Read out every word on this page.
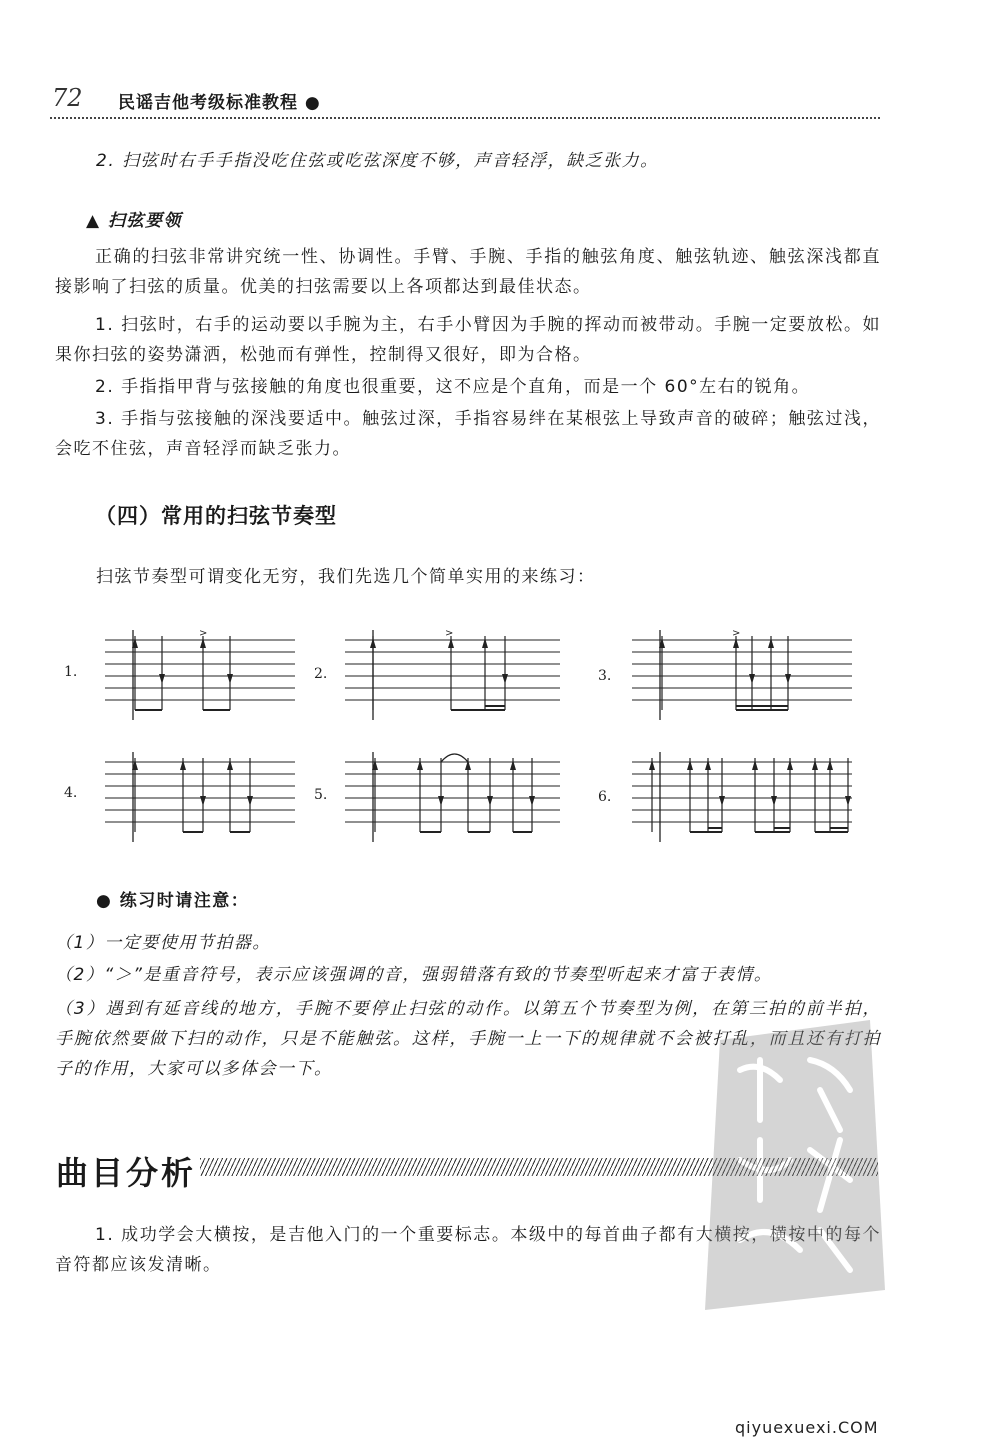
72 民谣吉他考级标准教程 ●
2. 扫弦时右手手指没吃住弦或吃弦深度不够，声音轻浮，缺乏张力。
▲ 扫弦要领
正确的扫弦非常讲究统一性、协调性。手臂、手腕、手指的触弦角度、触弦轨迹、触弦深浅都直接影响了扫弦的质量。优美的扫弦需要以上各项都达到最佳状态。
1. 扫弦时，右手的运动要以手腕为主，右手小臂因为手腕的挥动而被带动。手腕一定要放松。如果你扫弦的姿势潇洒，松弛而有弹性，控制得又很好，即为合格。
2. 手指指甲背与弦接触的角度也很重要，这不应是个直角，而是一个 60°左右的锐角。
3. 手指与弦接触的深浅要适中。触弦过深，手指容易绊在某根弦上导致声音的破碎；触弦过浅，会吃不住弦，声音轻浮而缺乏张力。
（四）常用的扫弦节奏型
扫弦节奏型可谓变化无穷，我们先选几个简单实用的来练习：
1.	2.	3.
4.	5.	6.
>	>	>
● 练习时请注意：
（1）一定要使用节拍器。
（2）“＞”是重音符号，表示应该强调的音，强弱错落有致的节奏型听起来才富于表情。
（3）遇到有延音线的地方，手腕不要停止扫弦的动作。以第五个节奏型为例，在第三拍的前半拍，手腕依然要做下扫的动作，只是不能触弦。这样，手腕一上一下的规律就不会被打乱，而且还有打拍子的作用，大家可以多体会一下。
曲目分析
1. 成功学会大横按，是吉他入门的一个重要标志。本级中的每首曲子都有大横按，横按中的每个音符都应该发清晰。
qiyuexuexi.COM
